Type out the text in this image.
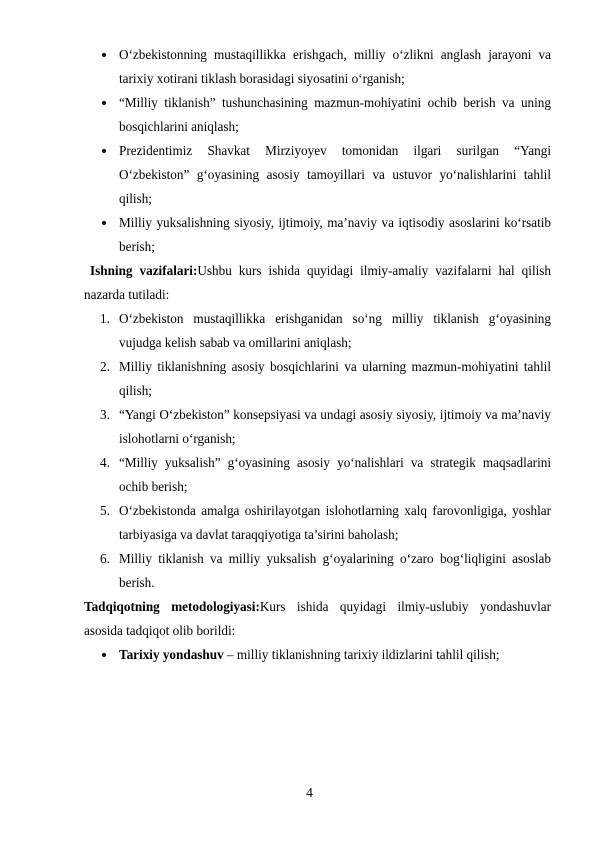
O‘zbekistonning mustaqillikka erishgach, milliy o‘zlikni anglash jarayoni va tarixiy xotirani tiklash borasidagi siyosatini o‘rganish;
“Milliy tiklanish” tushunchasining mazmun-mohiyatini ochib berish va uning bosqichlarini aniqlash;
Prezidentimiz Shavkat Mirziyoyev tomonidan ilgari surilgan “Yangi O‘zbekiston” g‘oyasining asosiy tamoyillari va ustuvor yo‘nalishlarini tahlil qilish;
Milliy yuksalishning siyosiy, ijtimoiy, ma’naviy va iqtisodiy asoslarini ko‘rsatib berish;

Ishning vazifalari:Ushbu kurs ishida quyidagi ilmiy-amaliy vazifalarni hal qilish nazarda tutiladi:

1. O‘zbekiston mustaqillikka erishganidan so‘ng milliy tiklanish g‘oyasining vujudga kelish sabab va omillarini aniqlash;
2. Milliy tiklanishning asosiy bosqichlarini va ularning mazmun-mohiyatini tahlil qilish;
3. “Yangi O‘zbekiston” konsepsiyasi va undagi asosiy siyosiy, ijtimoiy va ma’naviy islohotlarni o‘rganish;
4. “Milliy yuksalish” g‘oyasining asosiy yo‘nalishlari va strategik maqsadlarini ochib berish;
5. O‘zbekistonda amalga oshirilayotgan islohotlarning xalq farovonligiga, yoshlar tarbiyasiga va davlat taraqqiyotiga ta’sirini baholash;
6. Milliy tiklanish va milliy yuksalish g‘oyalarining o‘zaro bog‘liqligini asoslab berish.

Tadqiqotning metodologiyasi:Kurs ishida quyidagi ilmiy-uslubiy yondashuvlar asosida tadqiqot olib borildi:

Tarixiy yondashuv – milliy tiklanishning tarixiy ildizlarini tahlil qilish;
4
